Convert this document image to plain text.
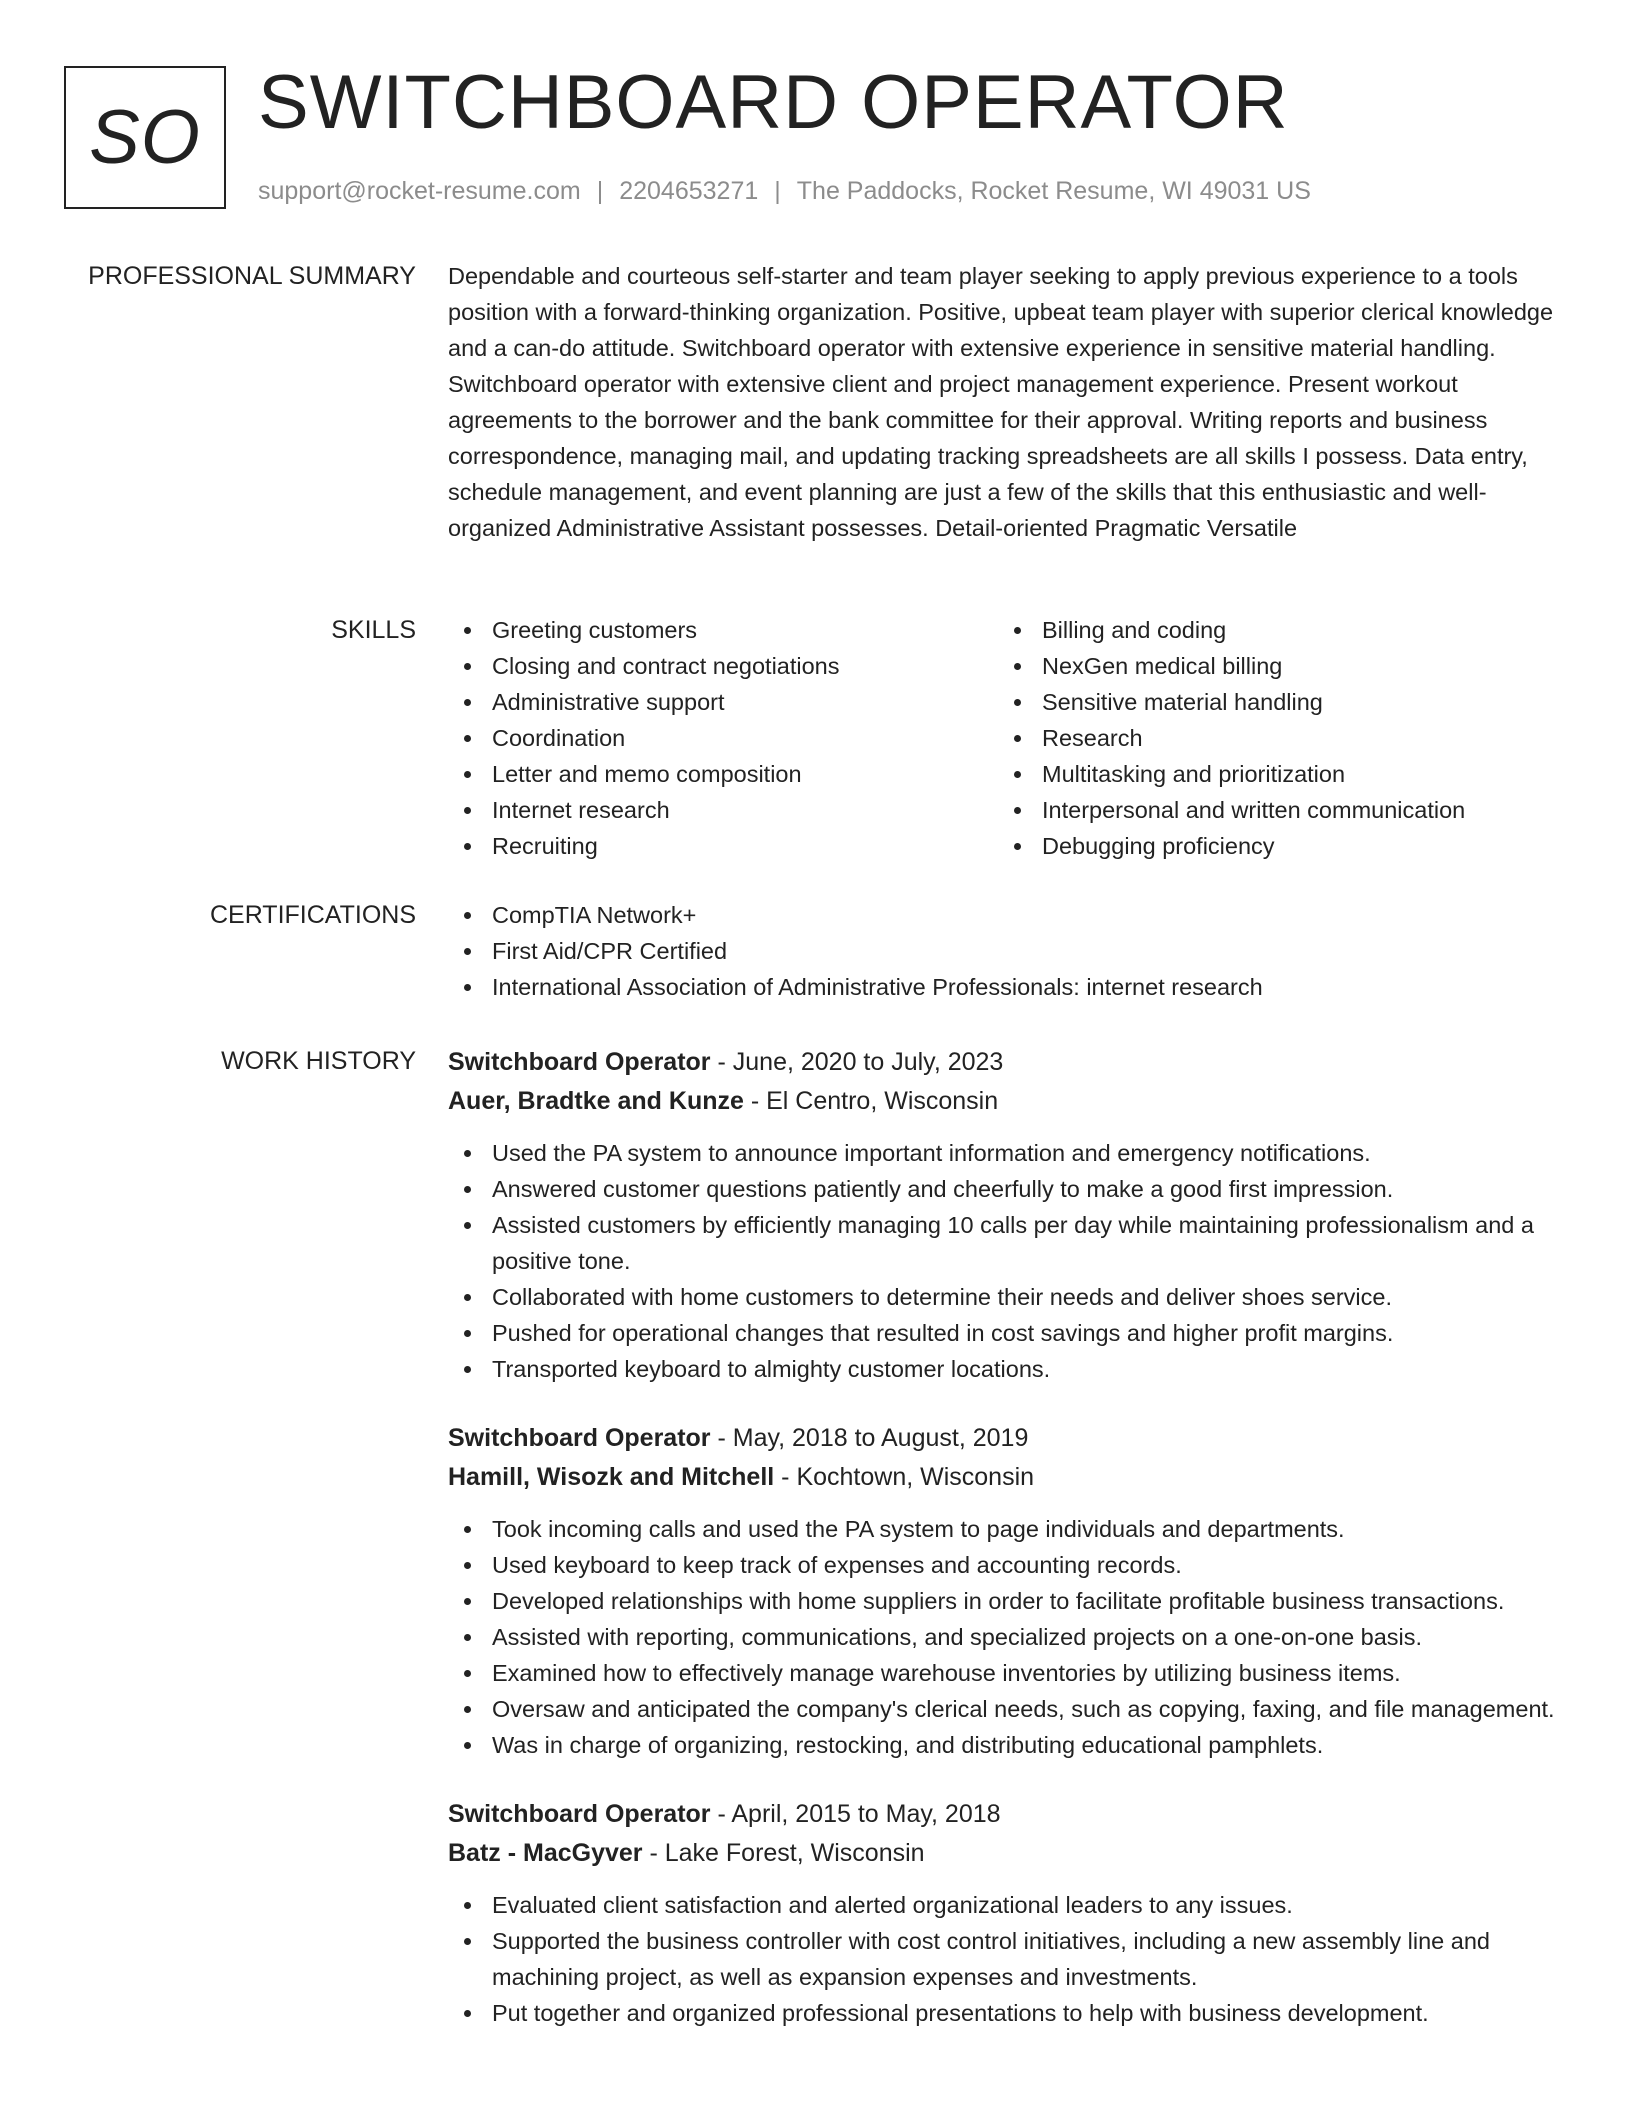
SO SWITCHBOARD OPERATOR
support@rocket-resume.com | 2204653271 | The Paddocks, Rocket Resume, WI 49031 US
PROFESSIONAL SUMMARY Dependable and courteous self-starter and team player seeking to apply previous experience to a tools position with a forward-thinking organization. Positive, upbeat team player with superior clerical knowledge and a can-do attitude. Switchboard operator with extensive experience in sensitive material handling. Switchboard operator with extensive client and project management experience. Present workout agreements to the borrower and the bank committee for their approval. Writing reports and business correspondence, managing mail, and updating tracking spreadsheets are all skills I possess. Data entry, schedule management, and event planning are just a few of the skills that this enthusiastic and well-organized Administrative Assistant possesses. Detail-oriented Pragmatic Versatile
SKILLS	Greeting customers
Closing and contract negotiations
Administrative support
Coordination
Letter and memo composition
Internet research
Recruiting
Billing and coding
NexGen medical billing
Sensitive material handling
Research
Multitasking and prioritization
Interpersonal and written communication
Debugging proficiency
CERTIFICATIONS	CompTIA Network+
First Aid/CPR Certified
International Association of Administrative Professionals: internet research
WORK HISTORY Switchboard Operator - June, 2020 to July, 2023
Auer, Bradtke and Kunze - El Centro, Wisconsin
Used the PA system to announce important information and emergency notifications.
Answered customer questions patiently and cheerfully to make a good first impression.
Assisted customers by efficiently managing 10 calls per day while maintaining professionalism and a positive tone.
Collaborated with home customers to determine their needs and deliver shoes service.
Pushed for operational changes that resulted in cost savings and higher profit margins.
Transported keyboard to almighty customer locations.
Switchboard Operator - May, 2018 to August, 2019
Hamill, Wisozk and Mitchell - Kochtown, Wisconsin
Took incoming calls and used the PA system to page individuals and departments.
Used keyboard to keep track of expenses and accounting records.
Developed relationships with home suppliers in order to facilitate profitable business transactions.
Assisted with reporting, communications, and specialized projects on a one-on-one basis.
Examined how to effectively manage warehouse inventories by utilizing business items.
Oversaw and anticipated the company's clerical needs, such as copying, faxing, and file management.
Was in charge of organizing, restocking, and distributing educational pamphlets.
Switchboard Operator - April, 2015 to May, 2018
Batz - MacGyver - Lake Forest, Wisconsin
Evaluated client satisfaction and alerted organizational leaders to any issues.
Supported the business controller with cost control initiatives, including a new assembly line and machining project, as well as expansion expenses and investments.
Put together and organized professional presentations to help with business development.
